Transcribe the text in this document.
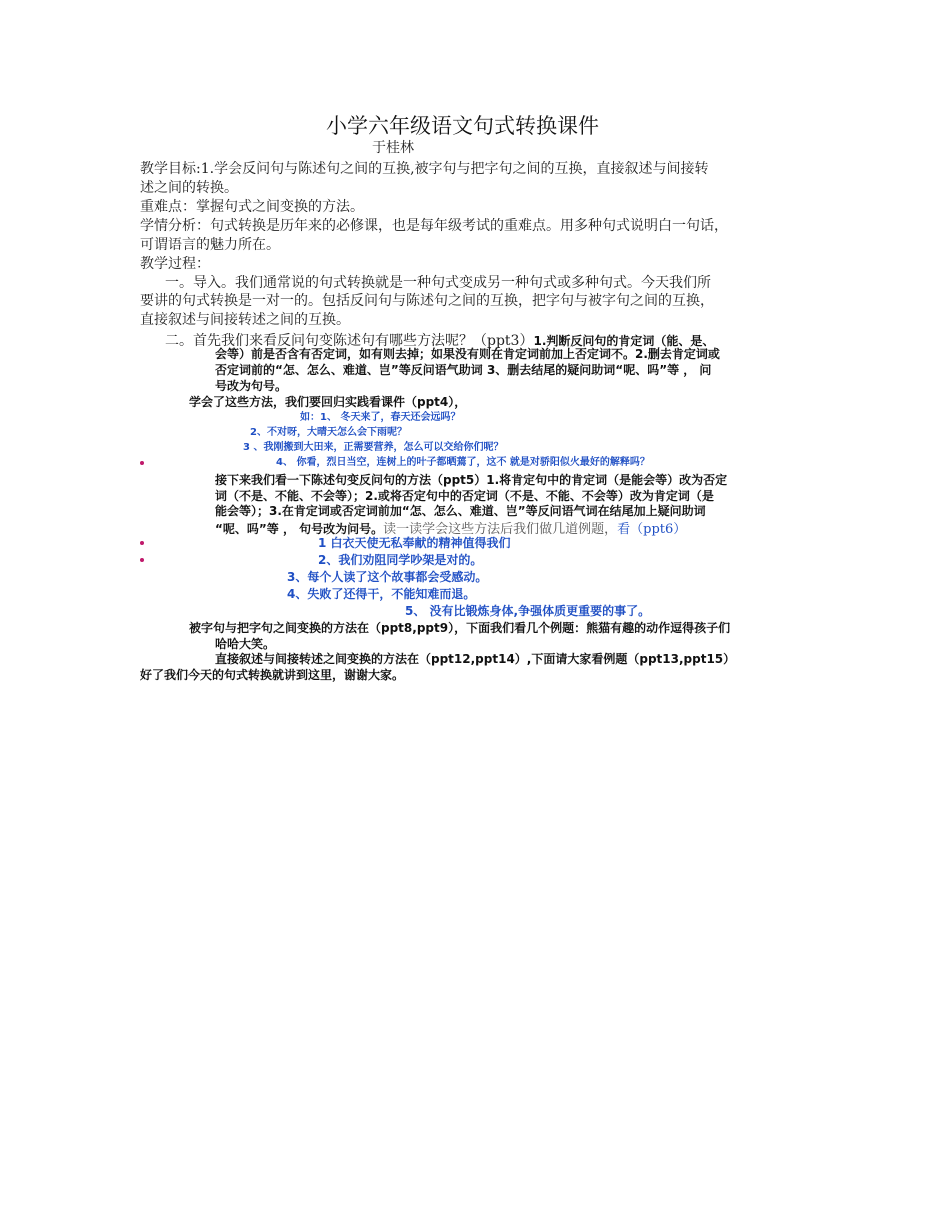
小学六年级语文句式转换课件
于桂林
教学目标:1.学会反问句与陈述句之间的互换,被字句与把字句之间的互换，直接叙述与间接转
述之间的转换。
重难点：掌握句式之间变换的方法。
学情分析：句式转换是历年来的必修课，也是每年级考试的重难点。用多种句式说明白一句话，
可谓语言的魅力所在。
教学过程：
一。导入。我们通常说的句式转换就是一种句式变成另一种句式或多种句式。今天我们所
要讲的句式转换是一对一的。包括反问句与陈述句之间的互换，把字句与被字句之间的互换，
直接叙述与间接转述之间的互换。
二。首先我们来看反问句变陈述句有哪些方法呢？（ppt3）1.判断反问句的肯定词（能、是、
会等）前是否含有否定词，如有则去掉；如果没有则在肯定词前加上否定词不。2.删去肯定词或
否定词前的“怎、怎么、难道、岂”等反问语气助词 3、删去结尾的疑问助词“呢、吗”等 ， 问
号改为句号。
学会了这些方法，我们要回归实践看课件（ppt4），
如：1、 冬天来了，春天还会远吗？
2、不对呀，大晴天怎么会下雨呢？
3 、我刚搬到大田来，正需要营养，怎么可以交给你们呢？
4、 你看，烈日当空，连树上的叶子都晒蔫了，这不 就是对骄阳似火最好的解释吗？
接下来我们看一下陈述句变反问句的方法（ppt5）1.将肯定句中的肯定词（是能会等）改为否定
词（不是、不能、不会等）；2.或将否定句中的否定词（不是、不能、不会等）改为肯定词（是
能会等）；3.在肯定词或否定词前加“怎、怎么、难道、岂”等反问语气词在结尾加上疑问助词
“呢、吗”等 ， 句号改为问号。读一读学会这些方法后我们做几道例题，看（ppt6）
1 白衣天使无私奉献的精神值得我们
2、我们劝阻同学吵架是对的。
3、每个人读了这个故事都会受感动。
4、失败了还得干，不能知难而退。
5、 没有比锻炼身体,争强体质更重要的事了。
被字句与把字句之间变换的方法在（ppt8,ppt9），下面我们看几个例题：熊猫有趣的动作逗得孩子们
哈哈大笑。
直接叙述与间接转述之间变换的方法在（ppt12,ppt14）,下面请大家看例题（ppt13,ppt15）
好了我们今天的句式转换就讲到这里，谢谢大家。
